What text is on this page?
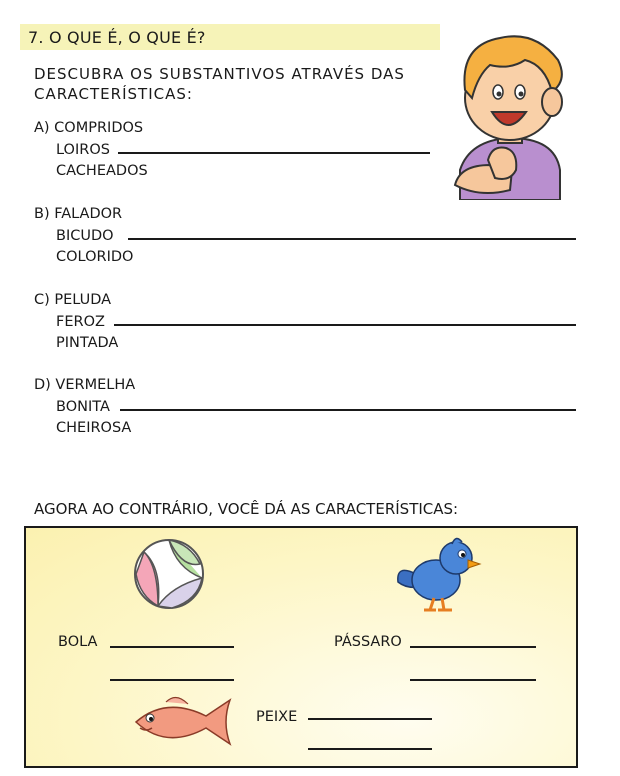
7. O QUE É, O QUE É?
DESCUBRA OS SUBSTANTIVOS ATRAVÉS DAS CARACTERÍSTICAS:
A) COMPRIDOS
LOIROS
CACHEADOS
B) FALADOR
BICUDO
COLORIDO
C) PELUDA
FEROZ
PINTADA
D) VERMELHA
BONITA
CHEIROSA
AGORA AO CONTRÁRIO, VOCÊ DÁ AS CARACTERÍSTICAS:
BOLA	PÁSSARO
PEIXE
